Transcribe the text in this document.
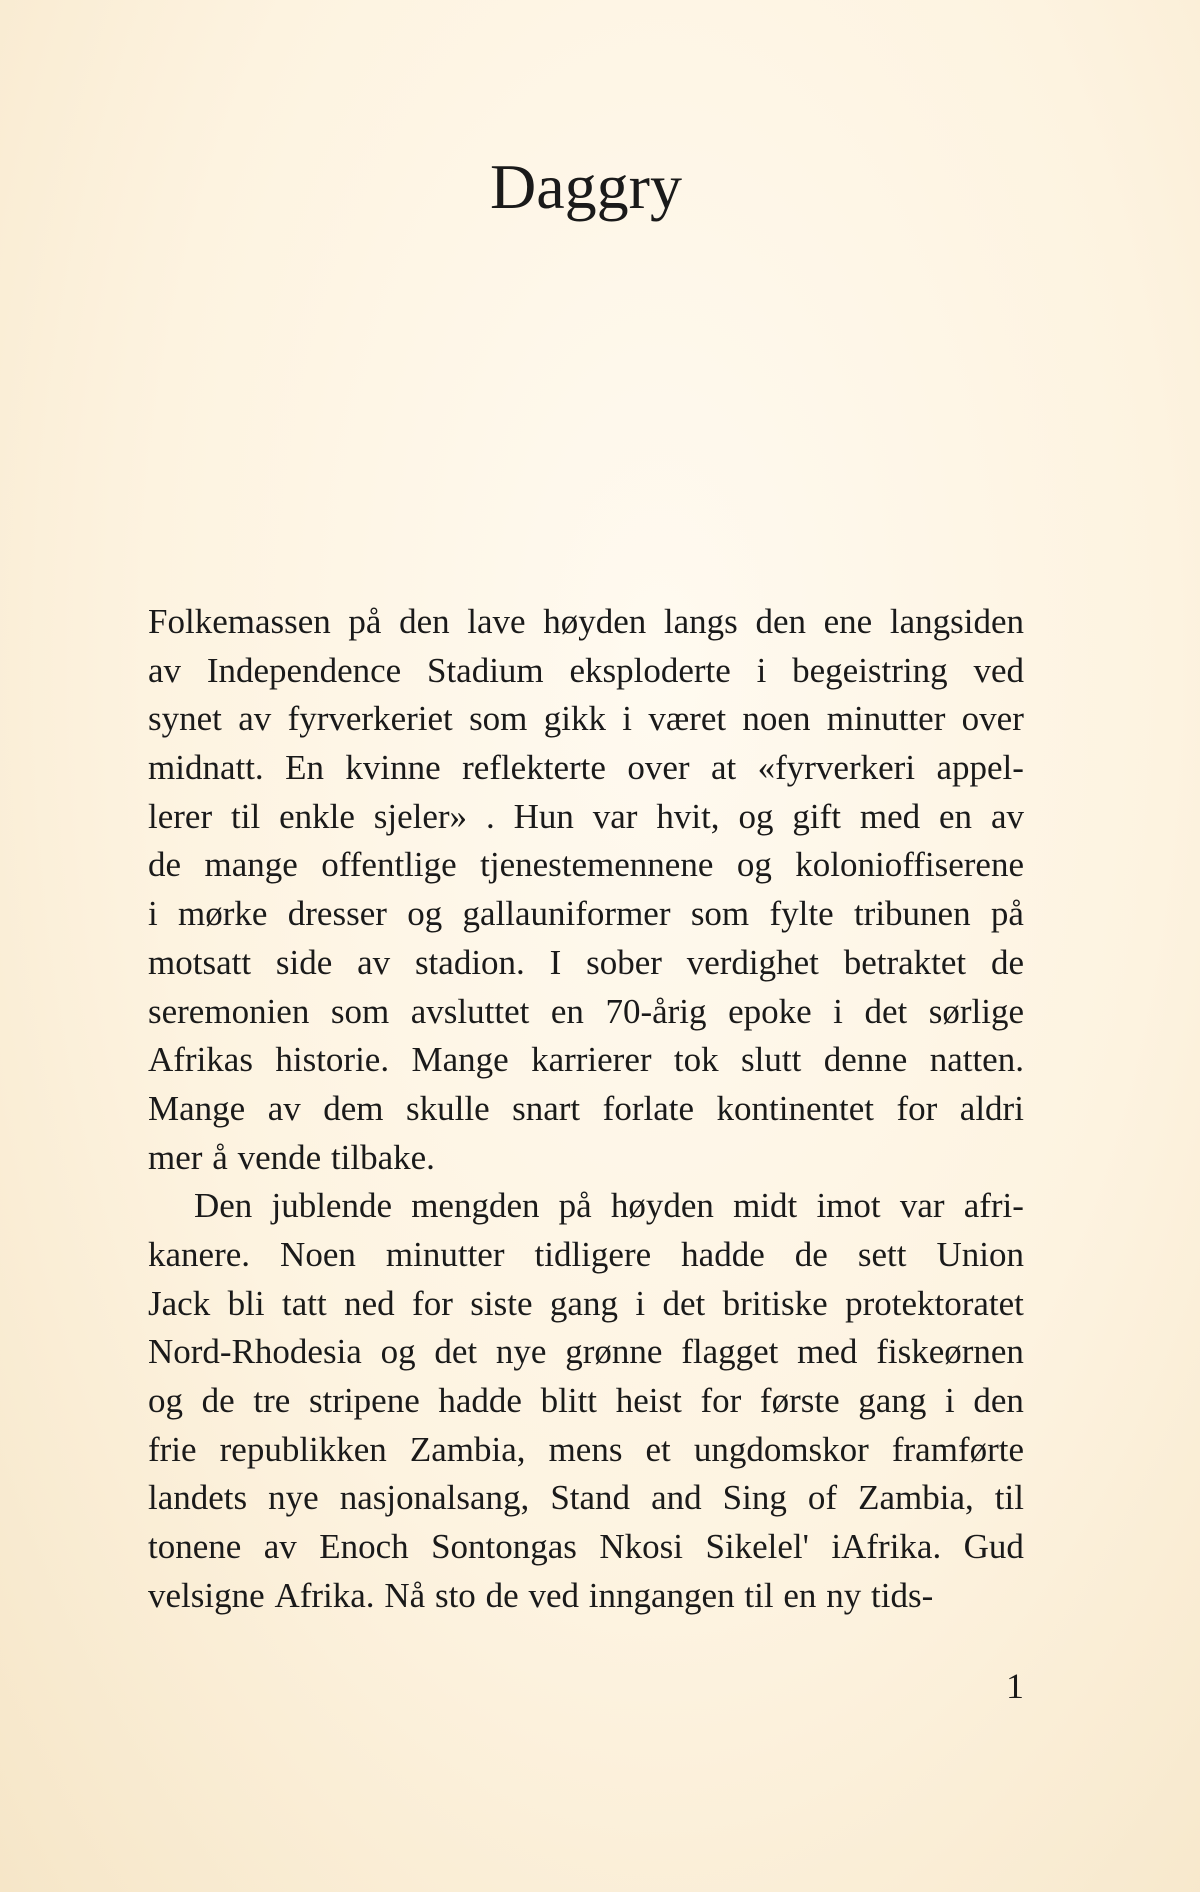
Daggry
Folkemassen på den lave høyden langs den ene langsiden
av Independence Stadium eksploderte i begeistring ved
synet av fyrverkeriet som gikk i været noen minutter over
midnatt. En kvinne reflekterte over at «fyrverkeri appel-
lerer til enkle sjeler» . Hun var hvit, og gift med en av
de mange offentlige tjenestemennene og kolonioffiserene
i mørke dresser og gallauniformer som fylte tribunen på
motsatt side av stadion. I sober verdighet betraktet de
seremonien som avsluttet en 70-årig epoke i det sørlige
Afrikas historie. Mange karrierer tok slutt denne natten.
Mange av dem skulle snart forlate kontinentet for aldri
mer å vende tilbake.
Den jublende mengden på høyden midt imot var afri-
kanere. Noen minutter tidligere hadde de sett Union
Jack bli tatt ned for siste gang i det britiske protektoratet
Nord-Rhodesia og det nye grønne flagget med fiskeørnen
og de tre stripene hadde blitt heist for første gang i den
frie republikken Zambia, mens et ungdomskor framførte
landets nye nasjonalsang, Stand and Sing of Zambia, til
tonene av Enoch Sontongas Nkosi Sikelel' iAfrika. Gud
velsigne Afrika. Nå sto de ved inngangen til en ny tids-

1
